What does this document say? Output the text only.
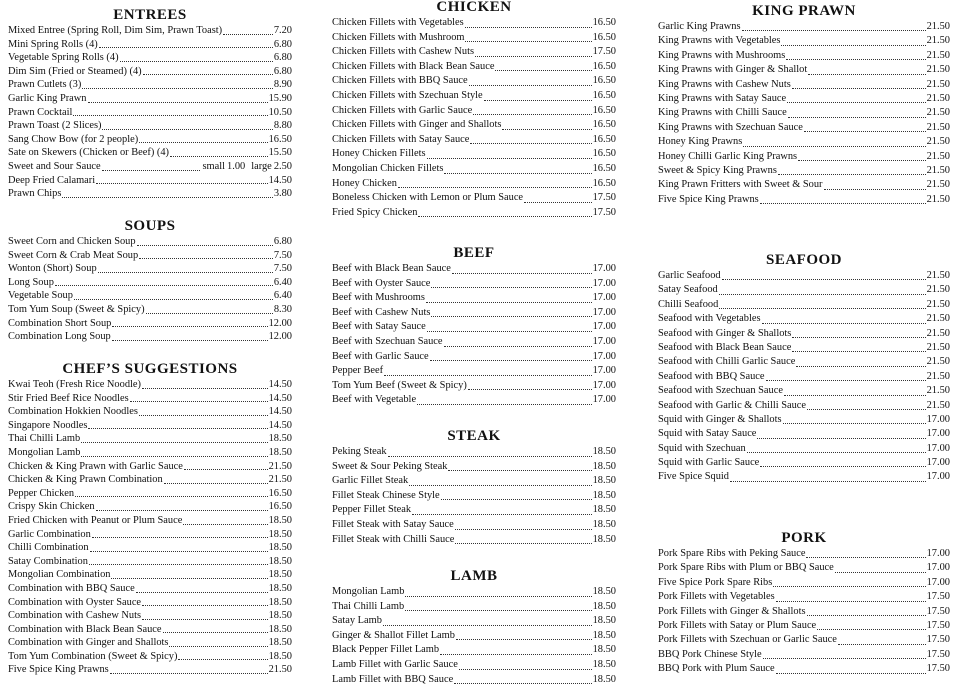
ENTREES
Mixed Entree (Spring Roll, Dim Sim, Prawn Toast)	7.20
Mini Spring Rolls (4)	6.80
Vegetable Spring Rolls (4)	6.80
Dim Sim (Fried or Steamed) (4)	6.80
Prawn Cutlets (3)	8.90
Garlic King Prawn	15.90
Prawn Cocktail	10.50
Prawn Toast (2 Slices)	8.80
Sang Chow Bow (for 2 people)	16.50
Sate on Skewers (Chicken or Beef) (4)	15.50
Sweet and Sour Sauce	small 1.00 large 2.50
Deep Fried Calamari	14.50
Prawn Chips	3.80
SOUPS
Sweet Corn and Chicken Soup	6.80
Sweet Corn & Crab Meat Soup	7.50
Wonton (Short) Soup	7.50
Long Soup	6.40
Vegetable Soup	6.40
Tom Yum Soup (Sweet & Spicy)	8.30
Combination Short Soup	12.00
Combination Long Soup	12.00
CHEF’S SUGGESTIONS
Kwai Teoh (Fresh Rice Noodle)	14.50
Stir Fried Beef Rice Noodles	14.50
Combination Hokkien Noodles	14.50
Singapore Noodles	14.50
Thai Chilli Lamb	18.50
Mongolian Lamb	18.50
Chicken & King Prawn with Garlic Sauce	21.50
Chicken & King Prawn Combination	21.50
Pepper Chicken	16.50
Crispy Skin Chicken	16.50
Fried Chicken with Peanut or Plum Sauce	18.50
Garlic Combination	18.50
Chilli Combination	18.50
Satay Combination	18.50
Mongolian Combination	18.50
Combination with BBQ Sauce	18.50
Combination with Oyster Sauce	18.50
Combination with Cashew Nuts	18.50
Combination with Black Bean Sauce	18.50
Combination with Ginger and Shallots	18.50
Tom Yum Combination (Sweet & Spicy)	18.50
Five Spice King Prawns	21.50
CHICKEN
Chicken Fillets with Vegetables	16.50
Chicken Fillets with Mushroom	16.50
Chicken Fillets with Cashew Nuts	17.50
Chicken Fillets with Black Bean Sauce	16.50
Chicken Fillets with BBQ Sauce	16.50
Chicken Fillets with Szechuan Style	16.50
Chicken Fillets with Garlic Sauce	16.50
Chicken Fillets with Ginger and Shallots	16.50
Chicken Fillets with Satay Sauce	16.50
Honey Chicken Fillets	16.50
Mongolian Chicken Fillets	16.50
Honey Chicken	16.50
Boneless Chicken with Lemon or Plum Sauce	17.50
Fried Spicy Chicken	17.50
BEEF
Beef with Black Bean Sauce	17.00
Beef with Oyster Sauce	17.00
Beef with Mushrooms	17.00
Beef with Cashew Nuts	17.00
Beef with Satay Sauce	17.00
Beef with Szechuan Sauce	17.00
Beef with Garlic Sauce	17.00
Pepper Beef	17.00
Tom Yum Beef (Sweet & Spicy)	17.00
Beef with Vegetable	17.00
STEAK
Peking Steak	18.50
Sweet & Sour Peking Steak	18.50
Garlic Fillet Steak	18.50
Fillet Steak Chinese Style	18.50
Pepper Fillet Steak	18.50
Fillet Steak with Satay Sauce	18.50
Fillet Steak with Chilli Sauce	18.50
LAMB
Mongolian Lamb	18.50
Thai Chilli Lamb	18.50
Satay Lamb	18.50
Ginger & Shallot Fillet Lamb	18.50
Black Pepper Fillet Lamb	18.50
Lamb Fillet with Garlic Sauce	18.50
Lamb Fillet with BBQ Sauce	18.50
KING PRAWN
Garlic King Prawns	21.50
King Prawns with Vegetables	21.50
King Prawns with Mushrooms	21.50
King Prawns with Ginger & Shallot	21.50
King Prawns with Cashew Nuts	21.50
King Prawns with Satay Sauce	21.50
King Prawns with Chilli Sauce	21.50
King Prawns with Szechuan Sauce	21.50
Honey King Prawns	21.50
Honey Chilli Garlic King Prawns	21.50
Sweet & Spicy King Prawns	21.50
King Prawn Fritters with Sweet & Sour	21.50
Five Spice King Prawns	21.50
SEAFOOD
Garlic Seafood	21.50
Satay Seafood	21.50
Chilli Seafood	21.50
Seafood with Vegetables	21.50
Seafood with Ginger & Shallots	21.50
Seafood with Black Bean Sauce	21.50
Seafood with Chilli Garlic Sauce	21.50
Seafood with BBQ Sauce	21.50
Seafood with Szechuan Sauce	21.50
Seafood with Garlic & Chilli Sauce	21.50
Squid with Ginger & Shallots	17.00
Squid with Satay Sauce	17.00
Squid with Szechuan	17.00
Squid with Garlic Sauce	17.00
Five Spice Squid	17.00
PORK
Pork Spare Ribs with Peking Sauce	17.00
Pork Spare Ribs with Plum or BBQ Sauce	17.00
Five Spice Pork Spare Ribs	17.00
Pork Fillets with Vegetables	17.50
Pork Fillets with Ginger & Shallots	17.50
Pork Fillets with Satay or Plum Sauce	17.50
Pork Fillets with Szechuan or Garlic Sauce	17.50
BBQ Pork Chinese Style	17.50
BBQ Pork with Plum Sauce	17.50
